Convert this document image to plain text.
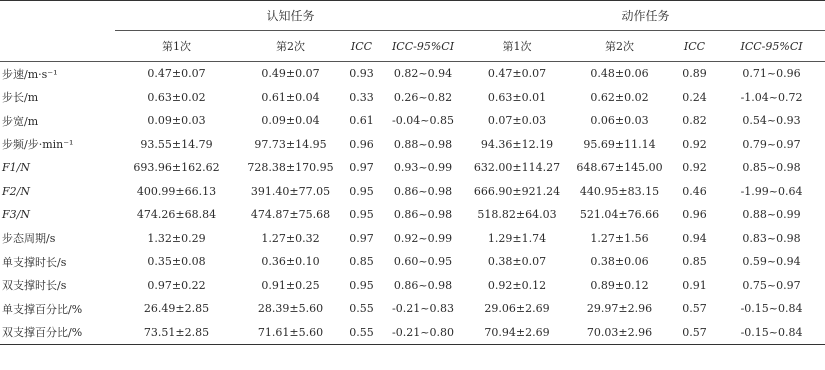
	认知任务				动作任务			
	第1次	第2次	ICC	ICC-95%CI	第1次	第2次	ICC	ICC-95%CI
步速/m·s⁻¹	0.47±0.07	0.49±0.07	0.93	0.82~0.94	0.47±0.07	0.48±0.06	0.89	0.71~0.96
步长/m	0.63±0.02	0.61±0.04	0.33	0.26~0.82	0.63±0.01	0.62±0.02	0.24	-1.04~0.72
步宽/m	0.09±0.03	0.09±0.04	0.61	-0.04~0.85	0.07±0.03	0.06±0.03	0.82	0.54~0.93
步频/步·min⁻¹	93.55±14.79	97.73±14.95	0.96	0.88~0.98	94.36±12.19	95.69±11.14	0.92	0.79~0.97
F1/N	693.96±162.62	728.38±170.95	0.97	0.93~0.99	632.00±114.27	648.67±145.00	0.92	0.85~0.98
F2/N	400.99±66.13	391.40±77.05	0.95	0.86~0.98	666.90±921.24	440.95±83.15	0.46	-1.99~0.64
F3/N	474.26±68.84	474.87±75.68	0.95	0.86~0.98	518.82±64.03	521.04±76.66	0.96	0.88~0.99
步态周期/s	1.32±0.29	1.27±0.32	0.97	0.92~0.99	1.29±1.74	1.27±1.56	0.94	0.83~0.98
单支撑时长/s	0.35±0.08	0.36±0.10	0.85	0.60~0.95	0.38±0.07	0.38±0.06	0.85	0.59~0.94
双支撑时长/s	0.97±0.22	0.91±0.25	0.95	0.86~0.98	0.92±0.12	0.89±0.12	0.91	0.75~0.97
单支撑百分比/%	26.49±2.85	28.39±5.60	0.55	-0.21~0.83	29.06±2.69	29.97±2.96	0.57	-0.15~0.84
双支撑百分比/%	73.51±2.85	71.61±5.60	0.55	-0.21~0.80	70.94±2.69	70.03±2.96	0.57	-0.15~0.84
